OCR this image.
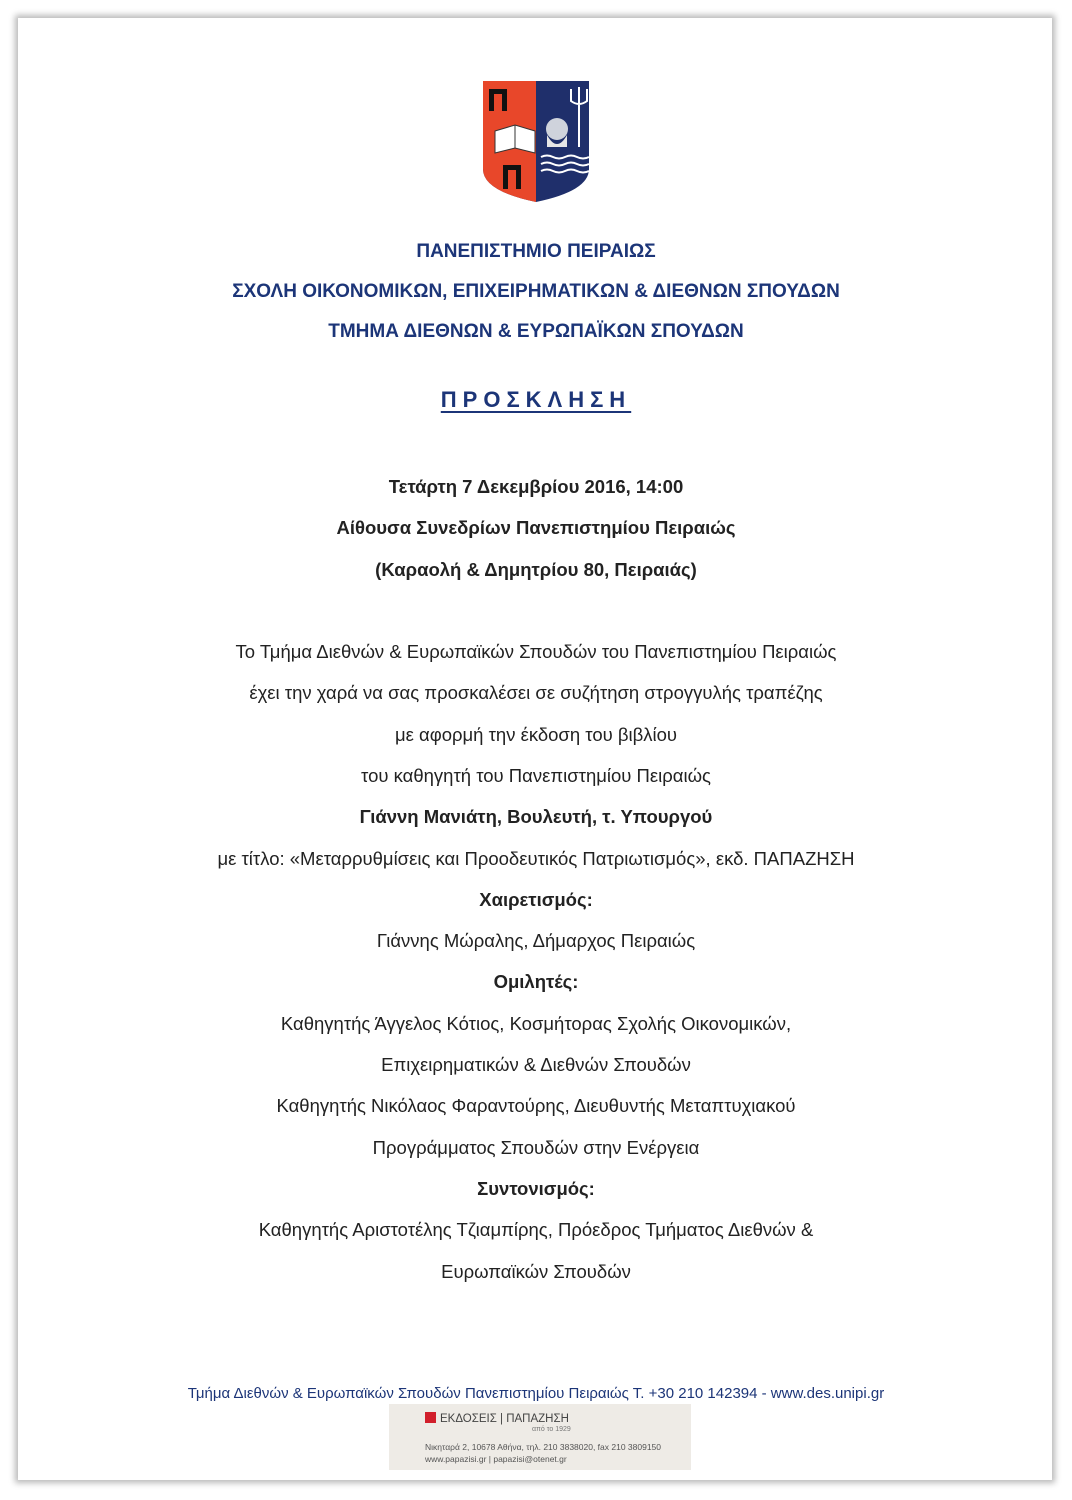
ΠΑΝΕΠΙΣΤΗΜΙΟ ΠΕΙΡΑΙΩΣ
ΣΧΟΛΗ ΟΙΚΟΝΟΜΙΚΩΝ, ΕΠΙΧΕΙΡΗΜΑΤΙΚΩΝ & ΔΙΕΘΝΩΝ ΣΠΟΥΔΩΝ
ΤΜΗΜΑ ΔΙΕΘΝΩΝ & ΕΥΡΩΠΑΪΚΩΝ ΣΠΟΥΔΩΝ
ΠΡΟΣΚΛΗΣΗ
Τετάρτη 7 Δεκεμβρίου 2016, 14:00
Αίθουσα Συνεδρίων Πανεπιστημίου Πειραιώς
(Καραολή & Δημητρίου 80, Πειραιάς)
Το Τμήμα Διεθνών & Ευρωπαϊκών Σπουδών του Πανεπιστημίου Πειραιώς
έχει την χαρά να σας προσκαλέσει σε συζήτηση στρογγυλής τραπέζης
με αφορμή την έκδοση του βιβλίου
του καθηγητή του Πανεπιστημίου Πειραιώς
Γιάννη Μανιάτη, Βουλευτή, τ. Υπουργού
με τίτλο: «Μεταρρυθμίσεις και Προοδευτικός Πατριωτισμός», εκδ. ΠΑΠΑΖΗΣΗ
Χαιρετισμός:
Γιάννης Μώραλης, Δήμαρχος Πειραιώς
Ομιλητές:
Καθηγητής Άγγελος Κότιος, Κοσμήτορας Σχολής Οικονομικών,
Επιχειρηματικών & Διεθνών Σπουδών
Καθηγητής Νικόλαος Φαραντούρης, Διευθυντής Μεταπτυχιακού
Προγράμματος Σπουδών στην Ενέργεια
Συντονισμός:
Καθηγητής Αριστοτέλης Τζιαμπίρης, Πρόεδρος Τμήματος Διεθνών &
Ευρωπαϊκών Σπουδών
Τμήμα Διεθνών & Ευρωπαϊκών Σπουδών Πανεπιστημίου Πειραιώς Τ. +30 210 142394 - www.des.unipi.gr
ΕΚΔΟΣΕΙΣ | ΠΑΠΑΖΗΣΗ
από το 1929
Νικηταρά 2, 10678 Αθήνα, τηλ. 210 3838020, fax 210 3809150
www.papazisi.gr | papazisi@otenet.gr
